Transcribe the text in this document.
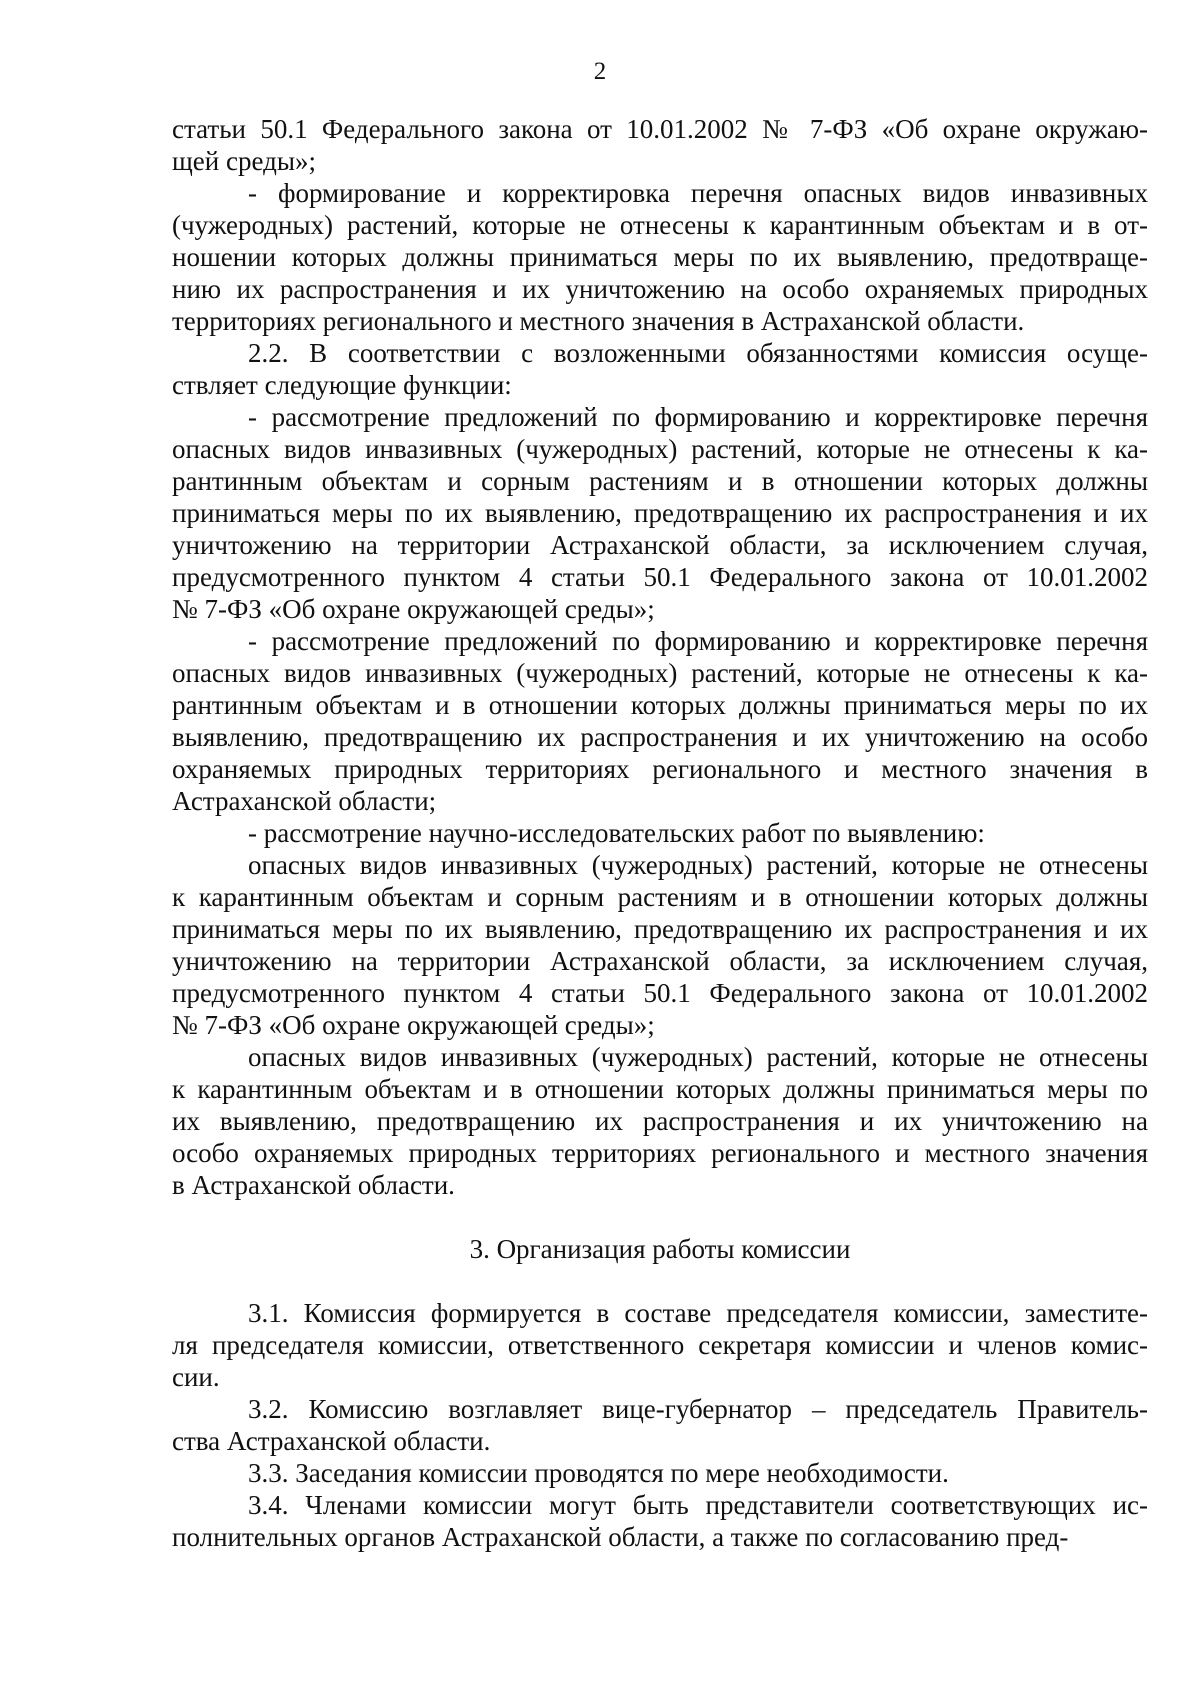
2
статьи 50.1 Федерального закона от 10.01.2002 № 7-ФЗ «Об охране окружаю-
щей среды»;
- формирование и корректировка перечня опасных видов инвазивных
(чужеродных) растений, которые не отнесены к карантинным объектам и в от-
ношении которых должны приниматься меры по их выявлению, предотвраще-
нию их распространения и их уничтожению на особо охраняемых природных
территориях регионального и местного значения в Астраханской области.
2.2. В соответствии с возложенными обязанностями комиссия осуще-
ствляет следующие функции:
- рассмотрение предложений по формированию и корректировке перечня
опасных видов инвазивных (чужеродных) растений, которые не отнесены к ка-
рантинным объектам и сорным растениям и в отношении которых должны
приниматься меры по их выявлению, предотвращению их распространения и их
уничтожению на территории Астраханской области, за исключением случая,
предусмотренного пунктом 4 статьи 50.1 Федерального закона от 10.01.2002
№ 7-ФЗ «Об охране окружающей среды»;
- рассмотрение предложений по формированию и корректировке перечня
опасных видов инвазивных (чужеродных) растений, которые не отнесены к ка-
рантинным объектам и в отношении которых должны приниматься меры по их
выявлению, предотвращению их распространения и их уничтожению на особо
охраняемых природных территориях регионального и местного значения в
Астраханской области;
- рассмотрение научно-исследовательских работ по выявлению:
опасных видов инвазивных (чужеродных) растений, которые не отнесены
к карантинным объектам и сорным растениям и в отношении которых должны
приниматься меры по их выявлению, предотвращению их распространения и их
уничтожению на территории Астраханской области, за исключением случая,
предусмотренного пунктом 4 статьи 50.1 Федерального закона от 10.01.2002
№ 7-ФЗ «Об охране окружающей среды»;
опасных видов инвазивных (чужеродных) растений, которые не отнесены
к карантинным объектам и в отношении которых должны приниматься меры по
их выявлению, предотвращению их распространения и их уничтожению на
особо охраняемых природных территориях регионального и местного значения
в Астраханской области.
3. Организация работы комиссии
3.1. Комиссия формируется в составе председателя комиссии, заместите-
ля председателя комиссии, ответственного секретаря комиссии и членов комис-
сии.
3.2. Комиссию возглавляет вице-губернатор – председатель Правитель-
ства Астраханской области.
3.3. Заседания комиссии проводятся по мере необходимости.
3.4. Членами комиссии могут быть представители соответствующих ис-
полнительных органов Астраханской области, а также по согласованию пред-
